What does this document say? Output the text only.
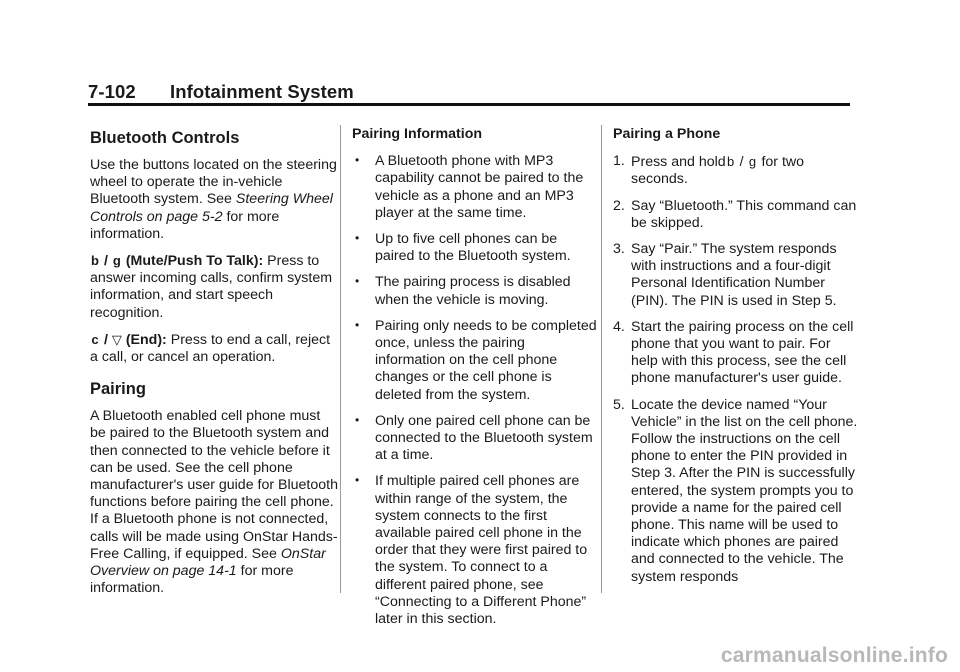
7-102 Infotainment System
Bluetooth Controls

Use the buttons located on the steering wheel to operate the in-vehicle Bluetooth system. See Steering Wheel Controls on page 5-2 for more information.

b / g (Mute/Push To Talk): Press to answer incoming calls, confirm system information, and start speech recognition.

c / ▽ (End): Press to end a call, reject a call, or cancel an operation.

Pairing

A Bluetooth enabled cell phone must be paired to the Bluetooth system and then connected to the vehicle before it can be used. See the cell phone manufacturer's user guide for Bluetooth functions before pairing the cell phone. If a Bluetooth phone is not connected, calls will be made using OnStar Hands-Free Calling, if equipped. See OnStar Overview on page 14-1 for more information.

Pairing Information
• A Bluetooth phone with MP3 capability cannot be paired to the vehicle as a phone and an MP3 player at the same time.
• Up to five cell phones can be paired to the Bluetooth system.
• The pairing process is disabled when the vehicle is moving.
• Pairing only needs to be completed once, unless the pairing information on the cell phone changes or the cell phone is deleted from the system.
• Only one paired cell phone can be connected to the Bluetooth system at a time.
• If multiple paired cell phones are within range of the system, the system connects to the first available paired cell phone in the order that they were first paired to the system. To connect to a different paired phone, see “Connecting to a Different Phone” later in this section.
Pairing a Phone
1. Press and holdb / g for two seconds.
2. Say “Bluetooth.” This command can be skipped.
3. Say “Pair.” The system responds with instructions and a four-digit Personal Identification Number (PIN). The PIN is used in Step 5.
4. Start the pairing process on the cell phone that you want to pair. For help with this process, see the cell phone manufacturer's user guide.
5. Locate the device named “Your Vehicle” in the list on the cell phone. Follow the instructions on the cell phone to enter the PIN provided in Step 3. After the PIN is successfully entered, the system prompts you to provide a name for the paired cell phone. This name will be used to indicate which phones are paired and connected to the vehicle. The system responds
carmanualsonline.info
